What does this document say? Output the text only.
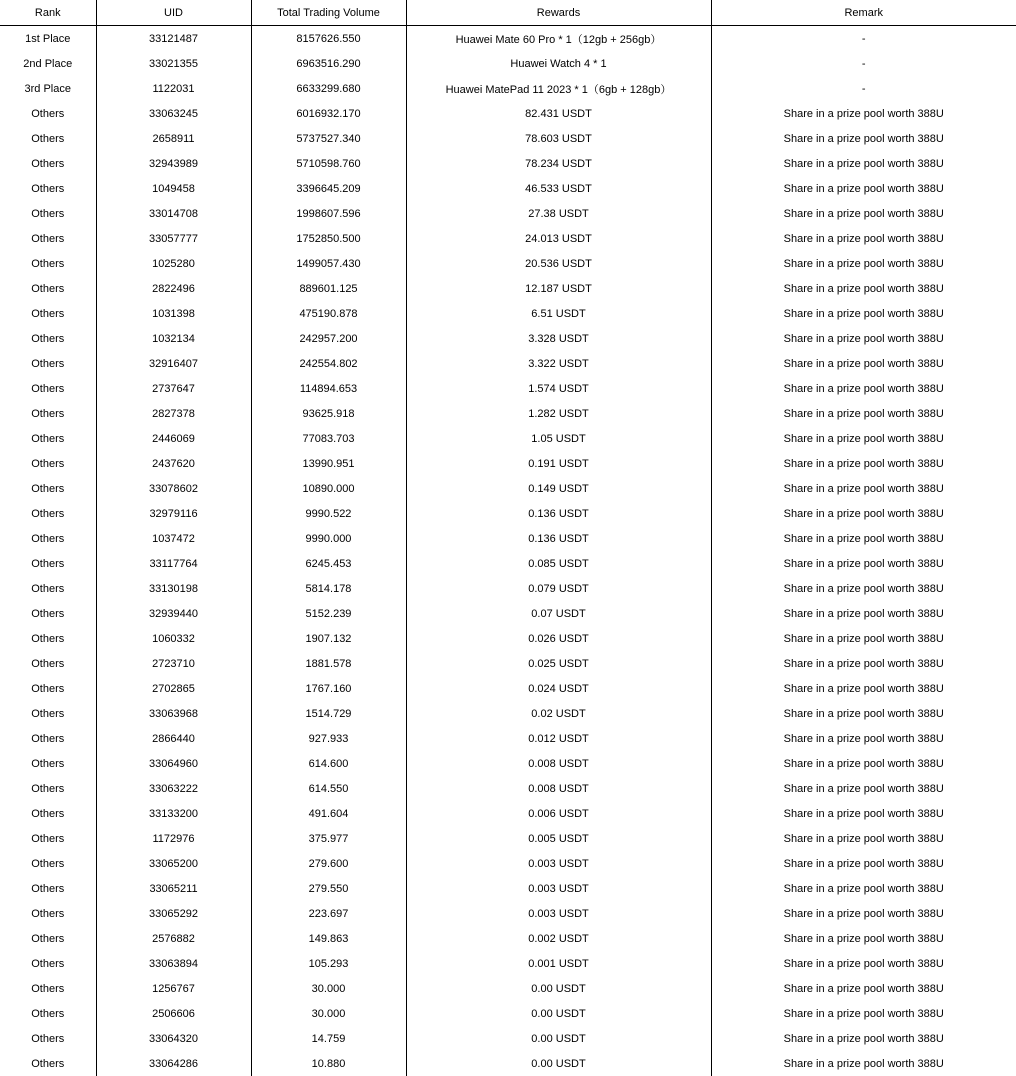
Rank	UID	Total Trading Volume	Rewards	Remark
1st Place	33121487	8157626.550	Huawei Mate 60 Pro * 1（12gb + 256gb）	-
2nd Place	33021355	6963516.290	Huawei Watch 4 * 1	-
3rd Place	1122031	6633299.680	Huawei MatePad 11 2023 * 1（6gb + 128gb）	-
Others	33063245	6016932.170	82.431 USDT	Share in a prize pool worth 388U
Others	2658911	5737527.340	78.603 USDT	Share in a prize pool worth 388U
Others	32943989	5710598.760	78.234 USDT	Share in a prize pool worth 388U
Others	1049458	3396645.209	46.533 USDT	Share in a prize pool worth 388U
Others	33014708	1998607.596	27.38 USDT	Share in a prize pool worth 388U
Others	33057777	1752850.500	24.013 USDT	Share in a prize pool worth 388U
Others	1025280	1499057.430	20.536 USDT	Share in a prize pool worth 388U
Others	2822496	889601.125	12.187 USDT	Share in a prize pool worth 388U
Others	1031398	475190.878	6.51 USDT	Share in a prize pool worth 388U
Others	1032134	242957.200	3.328 USDT	Share in a prize pool worth 388U
Others	32916407	242554.802	3.322 USDT	Share in a prize pool worth 388U
Others	2737647	114894.653	1.574 USDT	Share in a prize pool worth 388U
Others	2827378	93625.918	1.282 USDT	Share in a prize pool worth 388U
Others	2446069	77083.703	1.05 USDT	Share in a prize pool worth 388U
Others	2437620	13990.951	0.191 USDT	Share in a prize pool worth 388U
Others	33078602	10890.000	0.149 USDT	Share in a prize pool worth 388U
Others	32979116	9990.522	0.136 USDT	Share in a prize pool worth 388U
Others	1037472	9990.000	0.136 USDT	Share in a prize pool worth 388U
Others	33117764	6245.453	0.085 USDT	Share in a prize pool worth 388U
Others	33130198	5814.178	0.079 USDT	Share in a prize pool worth 388U
Others	32939440	5152.239	0.07 USDT	Share in a prize pool worth 388U
Others	1060332	1907.132	0.026 USDT	Share in a prize pool worth 388U
Others	2723710	1881.578	0.025 USDT	Share in a prize pool worth 388U
Others	2702865	1767.160	0.024 USDT	Share in a prize pool worth 388U
Others	33063968	1514.729	0.02 USDT	Share in a prize pool worth 388U
Others	2866440	927.933	0.012 USDT	Share in a prize pool worth 388U
Others	33064960	614.600	0.008 USDT	Share in a prize pool worth 388U
Others	33063222	614.550	0.008 USDT	Share in a prize pool worth 388U
Others	33133200	491.604	0.006 USDT	Share in a prize pool worth 388U
Others	1172976	375.977	0.005 USDT	Share in a prize pool worth 388U
Others	33065200	279.600	0.003 USDT	Share in a prize pool worth 388U
Others	33065211	279.550	0.003 USDT	Share in a prize pool worth 388U
Others	33065292	223.697	0.003 USDT	Share in a prize pool worth 388U
Others	2576882	149.863	0.002 USDT	Share in a prize pool worth 388U
Others	33063894	105.293	0.001 USDT	Share in a prize pool worth 388U
Others	1256767	30.000	0.00 USDT	Share in a prize pool worth 388U
Others	2506606	30.000	0.00 USDT	Share in a prize pool worth 388U
Others	33064320	14.759	0.00 USDT	Share in a prize pool worth 388U
Others	33064286	10.880	0.00 USDT	Share in a prize pool worth 388U
